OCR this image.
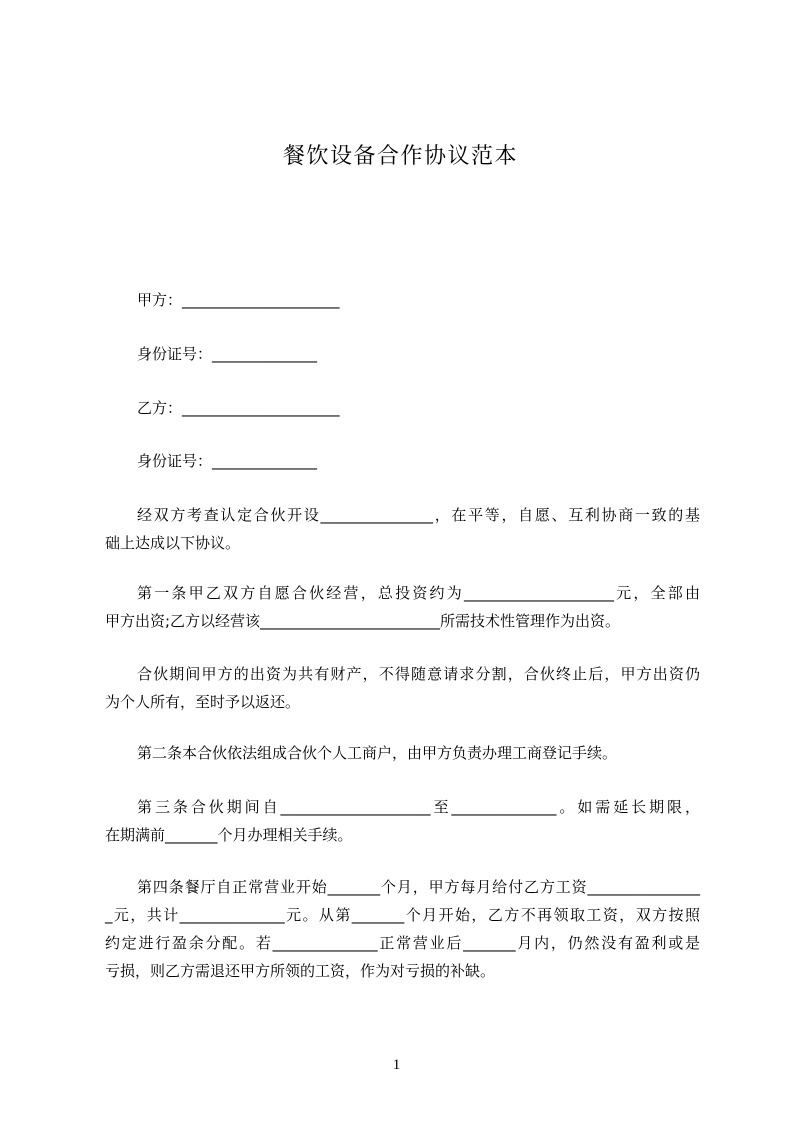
餐饮设备合作协议范本
甲方：_____________________
身份证号：______________
乙方：_____________________
身份证号：______________
经双方考查认定合伙开设_______________，在平等，自愿、互利协商一致的基
础上达成以下协议。
第一条甲乙双方自愿合伙经营，总投资约为____________________元，全部由
甲方出资;乙方以经营该________________________所需技术性管理作为出资。
合伙期间甲方的出资为共有财产，不得随意请求分割，合伙终止后，甲方出资仍
为个人所有，至时予以返还。
第二条本合伙依法组成合伙个人工商户，由甲方负责办理工商登记手续。
第三条合伙期间自____________________至______________。如需延长期限，
在期满前_______个月办理相关手续。
第四条餐厅自正常营业开始_______个月，甲方每月给付乙方工资_______________
_元，共计______________元。从第_______个月开始，乙方不再领取工资，双方按照
约定进行盈余分配。若______________正常营业后_______月内，仍然没有盈利或是
亏损，则乙方需退还甲方所领的工资，作为对亏损的补缺。
1
